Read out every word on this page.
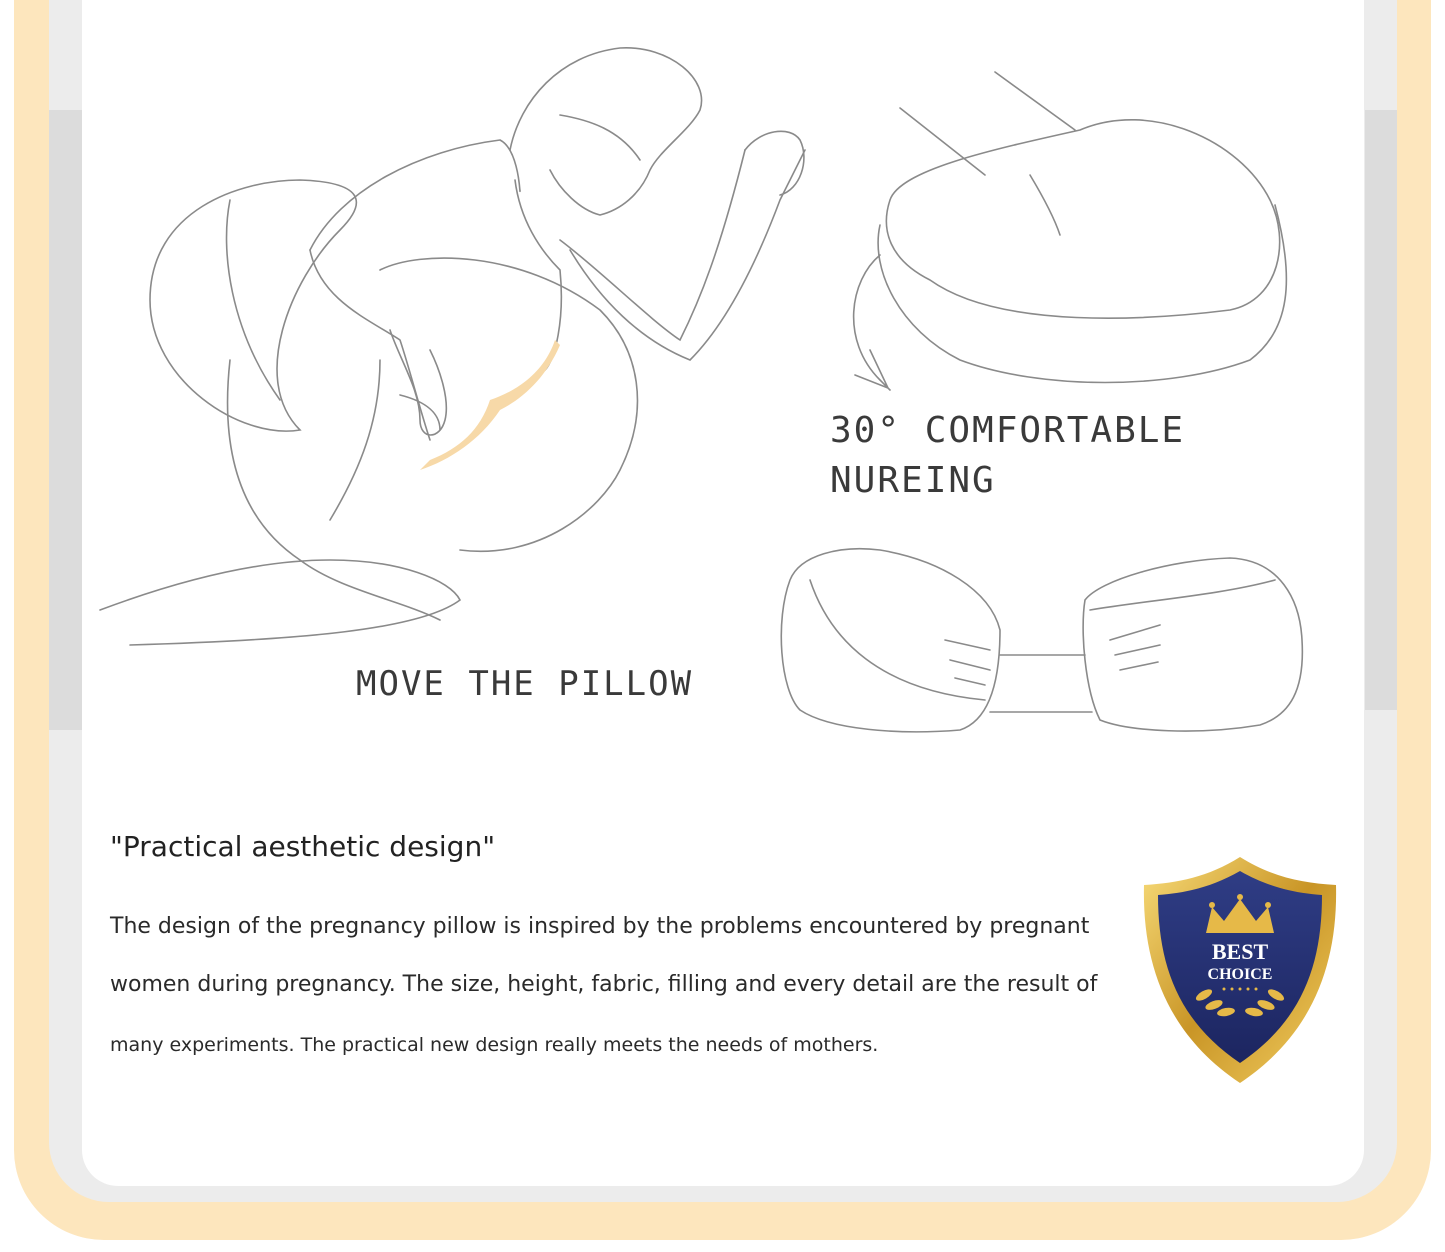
MOVE THE PILLOW
30° COMFORTABLE
NUREING
"Practical aesthetic design"

The design of the pregnancy pillow is inspired by the problems encountered by pregnant

women during pregnancy. The size, height, fabric, filling and every detail are the result of

many experiments. The practical new design really meets the needs of mothers.

BEST
CHOICE
